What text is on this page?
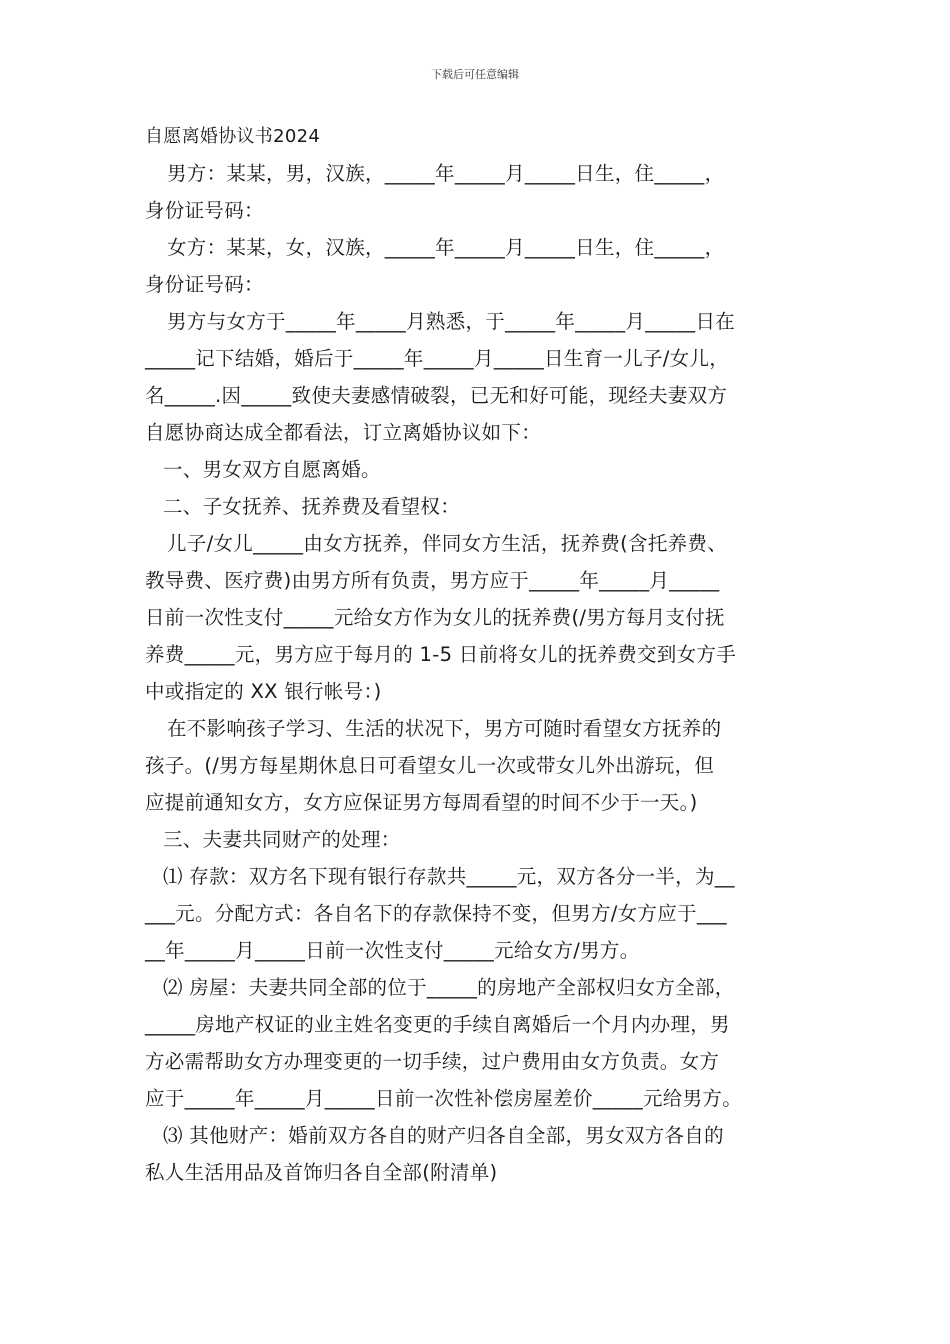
下载后可任意编辑
自愿离婚协议书2024
男方：某某，男，汉族，_____年_____月_____日生，住_____，
身份证号码：
女方：某某，女，汉族，_____年_____月_____日生，住_____，
身份证号码：
男方与女方于_____年_____月熟悉，于_____年_____月_____日在
_____记下结婚，婚后于_____年_____月_____日生育一儿子/女儿，
名_____.因_____致使夫妻感情破裂，已无和好可能，现经夫妻双方
自愿协商达成全都看法，订立离婚协议如下：
一、男女双方自愿离婚。
二、子女抚养、抚养费及看望权：
儿子/女儿_____由女方抚养，伴同女方生活，抚养费(含托养费、
教导费、医疗费)由男方所有负责，男方应于_____年_____月_____
日前一次性支付_____元给女方作为女儿的抚养费(/男方每月支付抚
养费_____元，男方应于每月的 1-5 日前将女儿的抚养费交到女方手
中或指定的 XX 银行帐号：)
在不影响孩子学习、生活的状况下，男方可随时看望女方抚养的
孩子。(/男方每星期休息日可看望女儿一次或带女儿外出游玩，但
应提前通知女方，女方应保证男方每周看望的时间不少于一天。)
三、夫妻共同财产的处理：
⑴ 存款：双方名下现有银行存款共_____元，双方各分一半，为__
___元。分配方式：各自名下的存款保持不变，但男方/女方应于___
__年_____月_____日前一次性支付_____元给女方/男方。
⑵ 房屋：夫妻共同全部的位于_____的房地产全部权归女方全部，
_____房地产权证的业主姓名变更的手续自离婚后一个月内办理，男
方必需帮助女方办理变更的一切手续，过户费用由女方负责。女方
应于_____年_____月_____日前一次性补偿房屋差价_____元给男方。
⑶ 其他财产：婚前双方各自的财产归各自全部，男女双方各自的
私人生活用品及首饰归各自全部(附清单)
